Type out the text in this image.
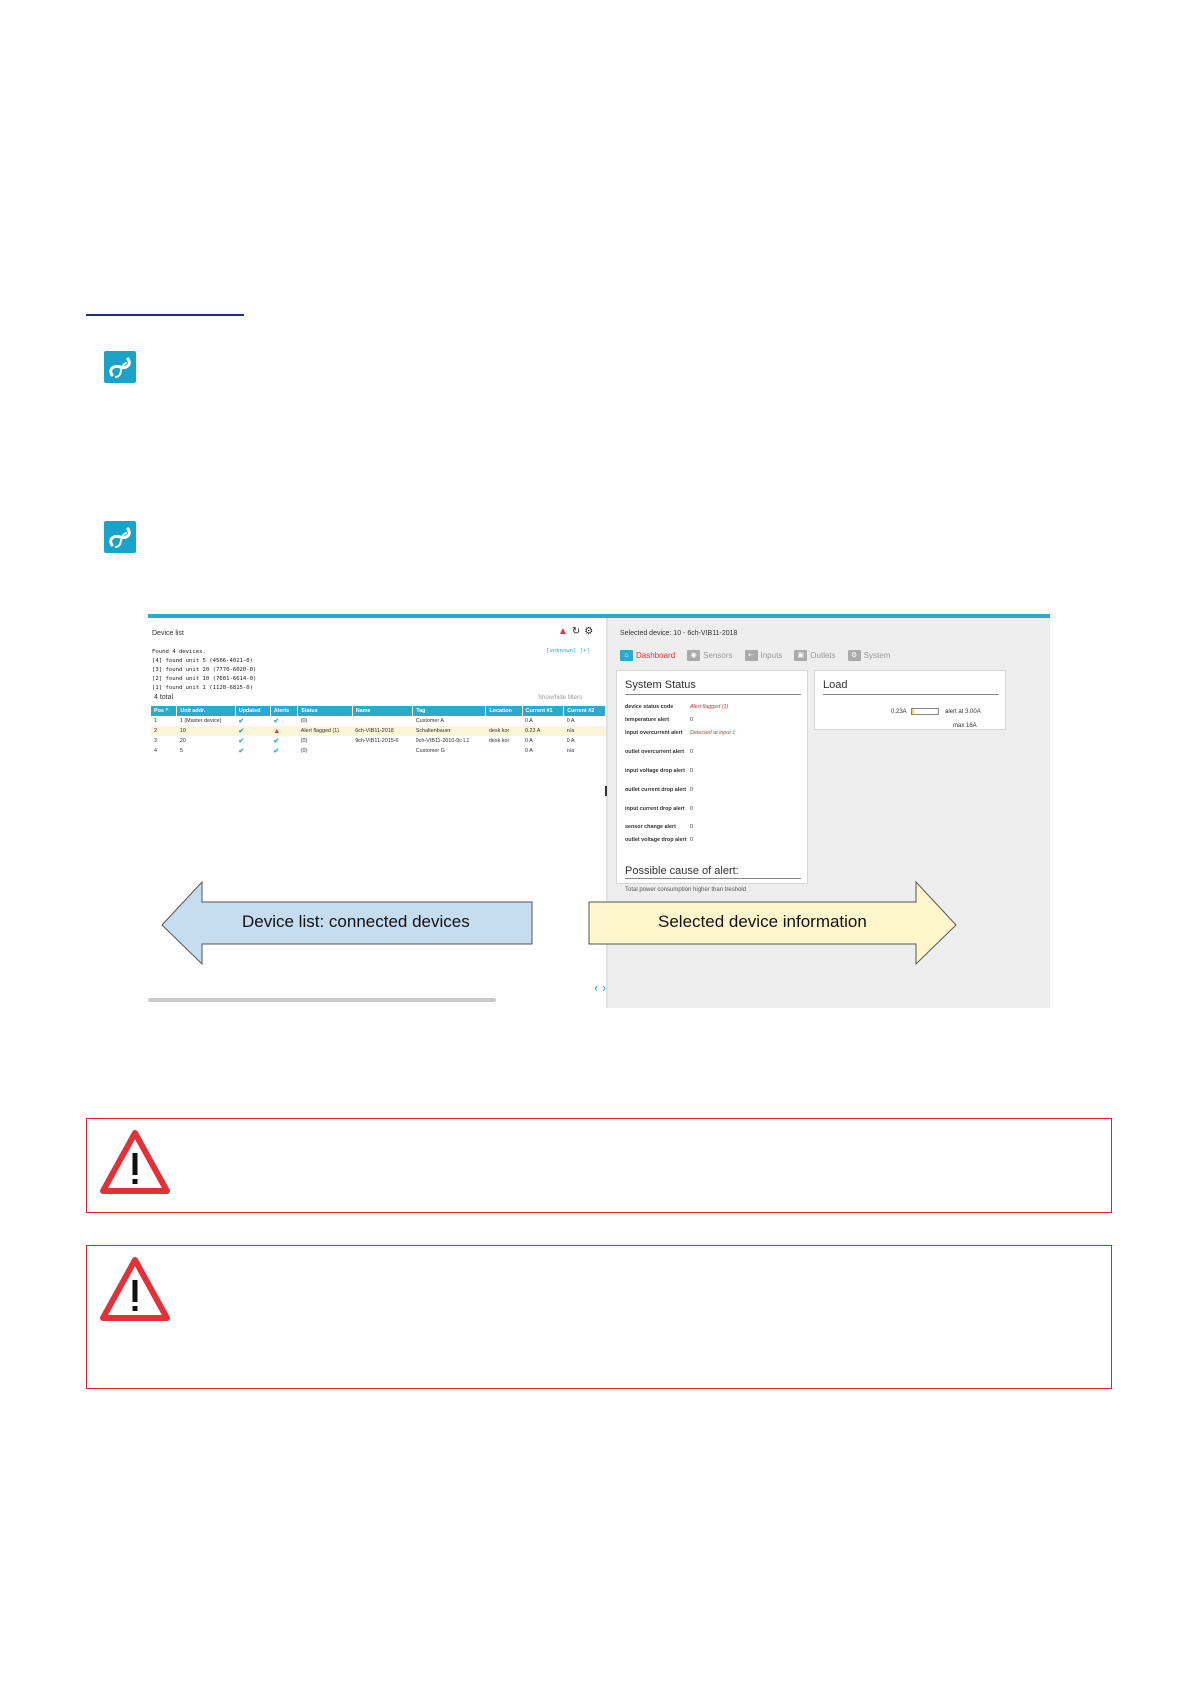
Device list	▲ ↻ ⚙
Found 4 devices.
[4] found unit 5 (4566-4021-0)
[3] found unit 20 (7770-6020-0)
[2] found unit 10 (7601-6614-0)
[1] found unit 1 (1120-6815-0)
[unknown] [+]
4 total	Show/hide filters
Pos ^	Unit addr.	Updated	Alerts	Status	Name	Tag	Location	Current #1	Current #2
1	1 (Master device)	✔	✔	(0)		Customer A		0 A	0 A
2	10	✔	▲	Alert flagged (1)	6ch-VIB11-2018	Schaltenbauer	desk kor	0.23 A	n/a
3	20	✔	✔	(0)	9ch-VIB11-2015-6	9ch-VIB11-2010-9c L1	desk kor	0 A	0 A
4	5	✔	✔	(0)		Customer G		0 A	n/a
Selected device: 10 - 6ch-VIB11-2018
⌂ Dashboard	◉ Sensors	⇠ Inputs	▣ Outlets	⚙ System
System Status
device status code	Alert flagged (1)
temperature alert	0
input overcurrent alert Detected at input 1
outlet overcurrent alert 0
input voltage drop alert 0
outlet current drop alert 0
input current drop alert 0
sensor change alert	0
outlet voltage drop alert 0
Possible cause of alert:
Total power consumption higher than treshold
Load
0.23A	alert at 3.00A
max 16A
‹ ›
Device list: connected devices	Selected device information
